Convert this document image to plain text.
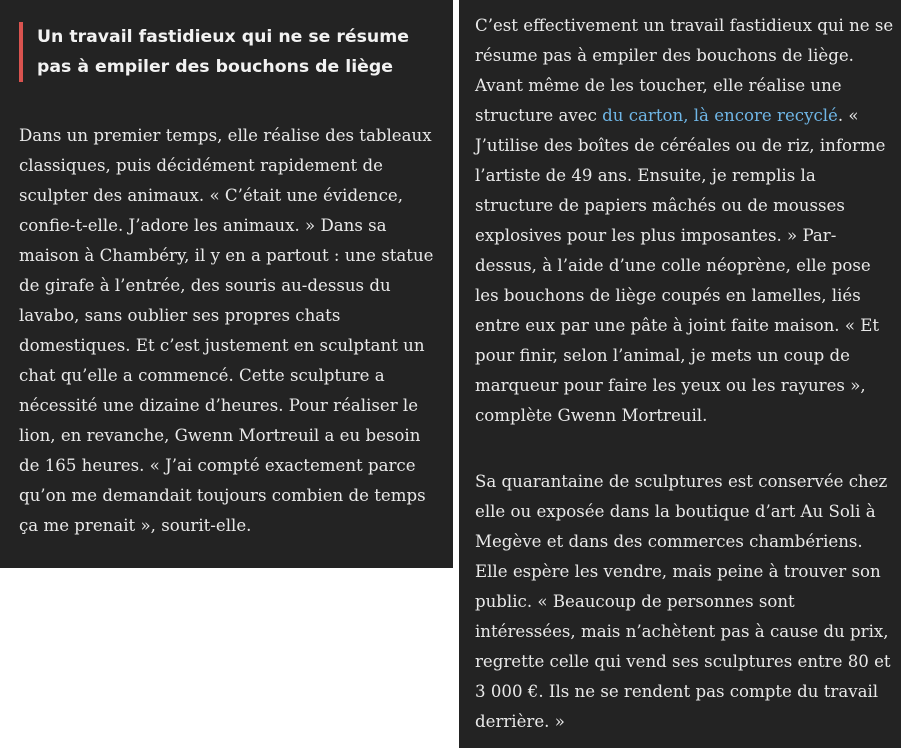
Un travail fastidieux qui ne se résume pas à empiler des bouchons de liège

Dans un premier temps, elle réalise des tableaux classiques, puis décidément rapidement de sculpter des animaux. « C’était une évidence, confie-t-elle. J’adore les animaux. » Dans sa maison à Chambéry, il y en a partout : une statue de girafe à l’entrée, des souris au-dessus du lavabo, sans oublier ses propres chats domestiques. Et c’est justement en sculptant un chat qu’elle a commencé. Cette sculpture a nécessité une dizaine d’heures. Pour réaliser le lion, en revanche, Gwenn Mortreuil a eu besoin de 165 heures. « J’ai compté exactement parce qu’on me demandait toujours combien de temps ça me prenait », sourit-elle.

C’est effectivement un travail fastidieux qui ne se résume pas à empiler des bouchons de liège. Avant même de les toucher, elle réalise une structure avec du carton, là encore recyclé. « J’utilise des boîtes de céréales ou de riz, informe l’artiste de 49 ans. Ensuite, je remplis la structure de papiers mâchés ou de mousses explosives pour les plus imposantes. » Par-dessus, à l’aide d’une colle néoprène, elle pose les bouchons de liège coupés en lamelles, liés entre eux par une pâte à joint faite maison. « Et pour finir, selon l’animal, je mets un coup de marqueur pour faire les yeux ou les rayures », complète Gwenn Mortreuil.

Sa quarantaine de sculptures est conservée chez elle ou exposée dans la boutique d’art Au Soli à Megève et dans des commerces chambériens. Elle espère les vendre, mais peine à trouver son public. « Beaucoup de personnes sont intéressées, mais n’achètent pas à cause du prix, regrette celle qui vend ses sculptures entre 80 et 3 000 €. Ils ne se rendent pas compte du travail derrière. »
